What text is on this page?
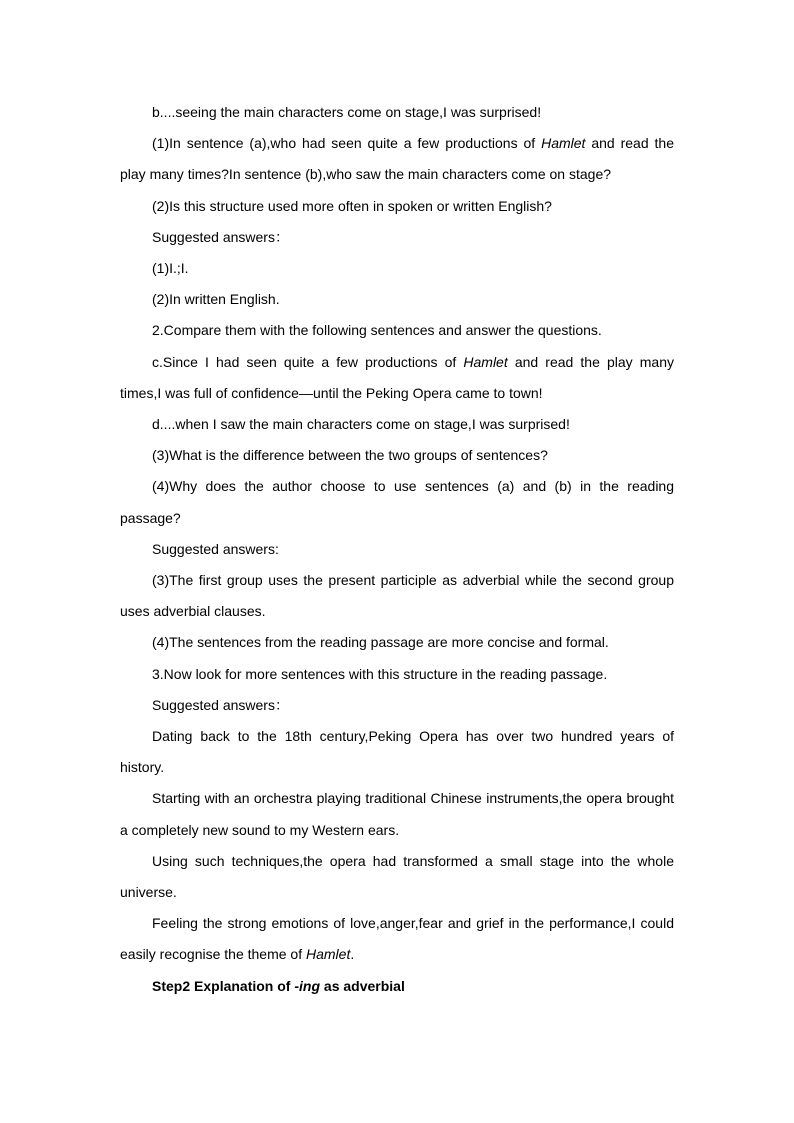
b....seeing the main characters come on stage,I was surprised!

(1)In sentence (a),who had seen quite a few productions of Hamlet and read the play many times?In sentence (b),who saw the main characters come on stage?

(2)Is this structure used more often in spoken or written English?

Suggested answers：

(1)I.;I.

(2)In written English.

2.Compare them with the following sentences and answer the questions.

c.Since I had seen quite a few productions of Hamlet and read the play many times,I was full of confidence—until the Peking Opera came to town!

d....when I saw the main characters come on stage,I was surprised!

(3)What is the difference between the two groups of sentences?

(4)Why does the author choose to use sentences (a) and (b) in the reading passage?

Suggested answers:

(3)The first group uses the present participle as adverbial while the second group uses adverbial clauses.

(4)The sentences from the reading passage are more concise and formal.

3.Now look for more sentences with this structure in the reading passage.

Suggested answers：

Dating back to the 18th century,Peking Opera has over two hundred years of history.

Starting with an orchestra playing traditional Chinese instruments,the opera brought a completely new sound to my Western ears.

Using such techniques,the opera had transformed a small stage into the whole universe.

Feeling the strong emotions of love,anger,fear and grief in the performance,I could easily recognise the theme of Hamlet.

Step2 Explanation of -ing as adverbial
